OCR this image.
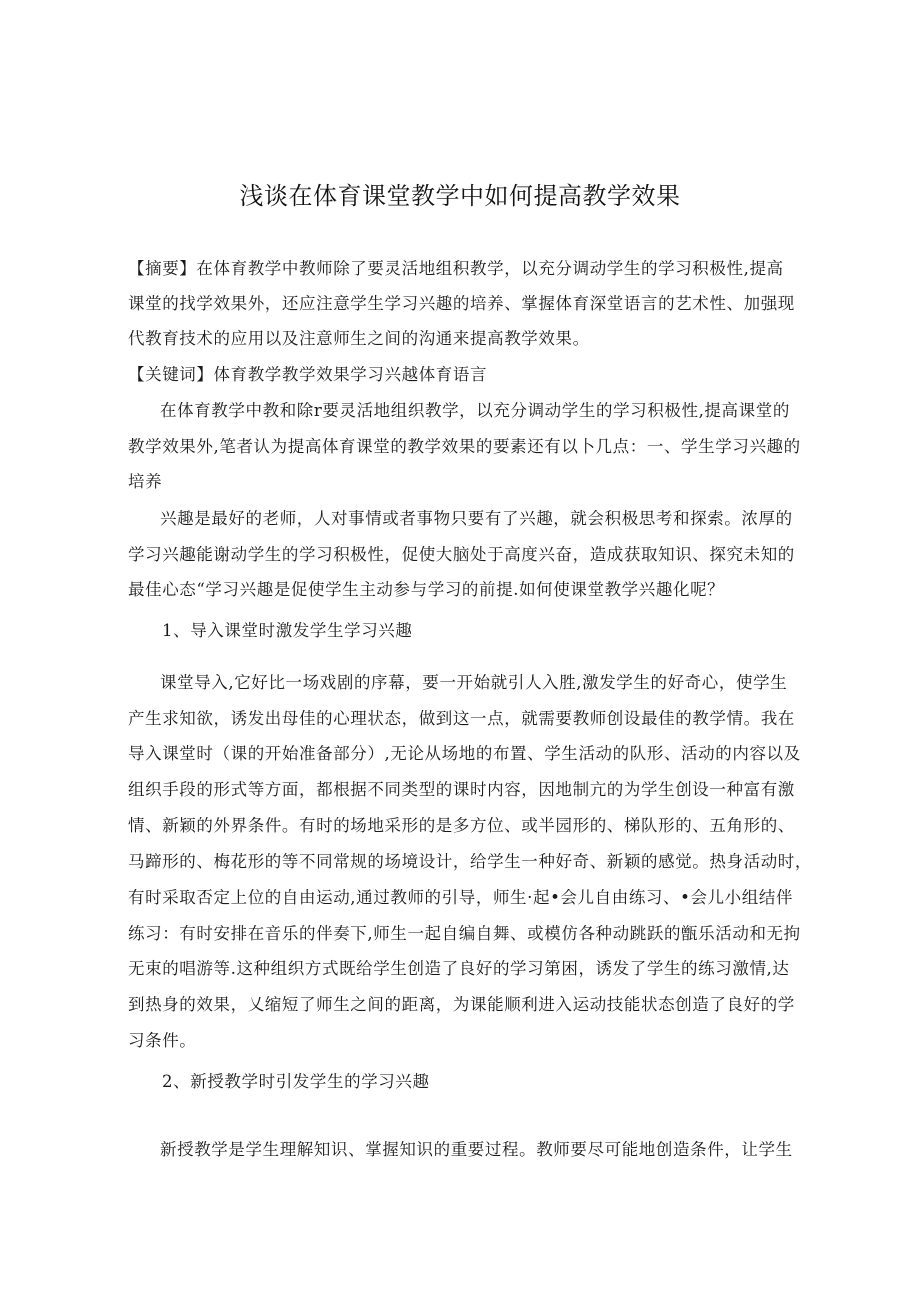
浅谈在体育课堂教学中如何提高教学效果
【摘要】在体育教学中教师除了要灵活地组积教学，以充分调动学生的学习积极性,提高
课堂的找学效果外，还应注意学生学习兴趣的培养、掌握体育深堂语言的艺术性、加强现
代教育技术的应用以及注意师生之间的沟通来提高教学效果。
【关键词】体育教学教学效果学习兴越体育语言
在体育教学中教和除r要灵活地组织教学，以充分调动学生的学习积极性,提高课堂的
教学效果外,笔者认为提高体育课堂的教学效果的要素还有以卜几点：一、学生学习兴趣的
培养
兴趣是最好的老师，人对事情或者事物只要有了兴趣，就会积极思考和探索。浓厚的
学习兴趣能谢动学生的学习积极性，促使大脑处于高度兴奋，造成获取知识、探究未知的
最佳心态“学习兴趣是促使学生主动参与学习的前提.如何使课堂教学兴趣化呢？
1、导入课堂时激发学生学习兴趣
课堂导入,它好比一场戏剧的序幕，要一开始就引人入胜,激发学生的好奇心，使学生
产生求知欲，诱发出母佳的心理状态，做到这一点，就需要教师创设最佳的教学情。我在
导入课堂时（课的开始准备部分）,无论从场地的布置、学生活动的队形、活动的内容以及
组织手段的形式等方面，都根据不同类型的课时内容，因地制亢的为学生创设一种富有激
情、新颖的外界条件。有时的场地采形的是多方位、或半园形的、梯队形的、五角形的、
马蹄形的、梅花形的等不同常规的场境设计，给学生一种好奇、新颖的感觉。热身活动时，
有时采取否定上位的自由运动,通过教师的引导，师生·起•会儿自由练习、•会儿小组结伴
练习：有时安排在音乐的伴奏下,师生一起自编自舞、或模仿各种动跳跃的甑乐活动和无拘
无束的唱游等.这种组织方式既给学生创造了良好的学习第困，诱发了学生的练习激情,达
到热身的效果，乂缩短了师生之间的距离，为课能顺利进入运动技能状态创造了良好的学
习条件。
2、新授教学时引发学生的学习兴趣
新授教学是学生理解知识、掌握知识的重要过程。教师要尽可能地创造条件，让学生
